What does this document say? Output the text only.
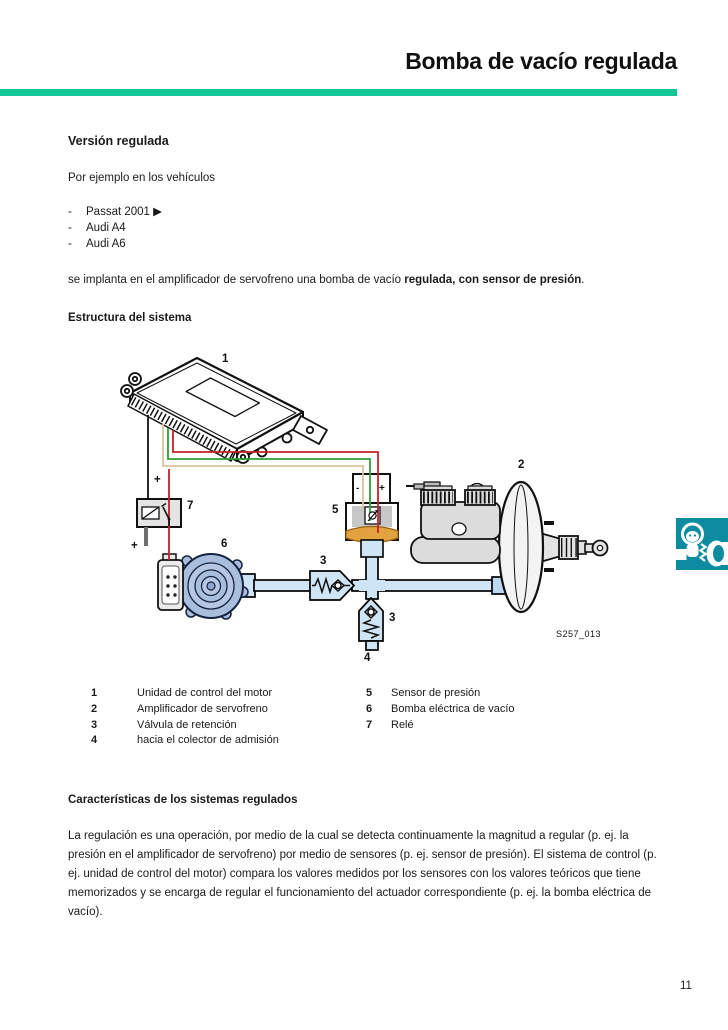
Bomba de vacío regulada
Versión regulada
Por ejemplo en los vehículos
-	Passat 2001 ▶
-	Audi A4
-	Audi A6

se implanta en el amplificador de servofreno una bomba de vacío regulada, con sensor de presión.

Estructura del sistema
1
2
3
3
4
5
6
7
+
+
- +
S257_013
1	Unidad de control del motor
2	Amplificador de servofreno
3	Válvula de retención
4	hacia el colector de admisión
5	Sensor de presión
6	Bomba eléctrica de vacío
7	Relé
Características de los sistemas regulados

La regulación es una operación, por medio de la cual se detecta continuamente la magnitud a regular (p. ej. la presión en el amplificador de servofreno) por medio de sensores (p. ej. sensor de presión). El sistema de control (p. ej. unidad de control del motor) compara los valores medidos por los sensores con los valores teóricos que tiene memorizados y se encarga de regular el funcionamiento del actuador correspondiente (p. ej. la bomba eléctrica de vacío).

11
